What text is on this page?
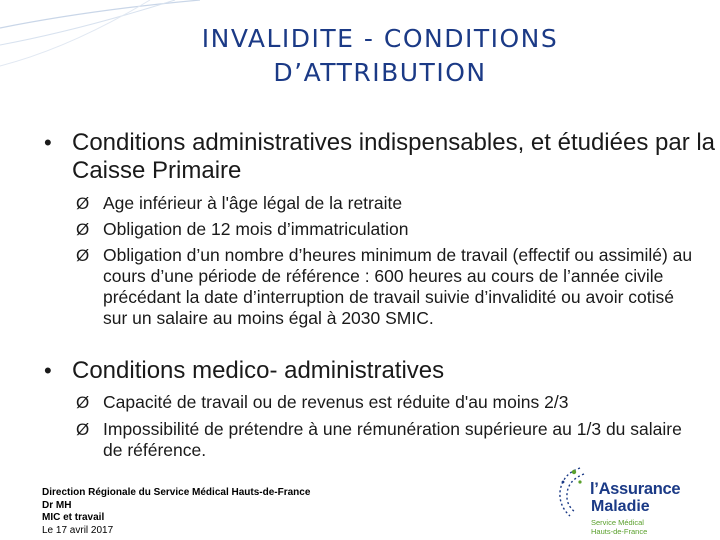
INVALIDITE - CONDITIONS
D’ATTRIBUTION
• Conditions administratives indispensables, et étudiées par la Caisse Primaire
Ø Age inférieur à l'âge légal de la retraite
Ø Obligation de 12 mois d’immatriculation
Ø Obligation d’un nombre d’heures minimum de travail (effectif ou assimilé) au cours d’une période de référence : 600 heures au cours de l’année civile précédant la date d’interruption de travail suivie d’invalidité ou avoir cotisé sur un salaire au moins égal à 2030 SMIC.
• Conditions medico- administratives
Ø Capacité de travail ou de revenus est réduite d'au moins 2/3
Ø Impossibilité de prétendre à une rémunération supérieure au 1/3 du salaire de référence.
Direction Régionale du Service Médical Hauts-de-France
Dr MH
MIC et travail
Le 17 avril 2017
l’Assurance
Maladie
Service Médical
Hauts-de-France
